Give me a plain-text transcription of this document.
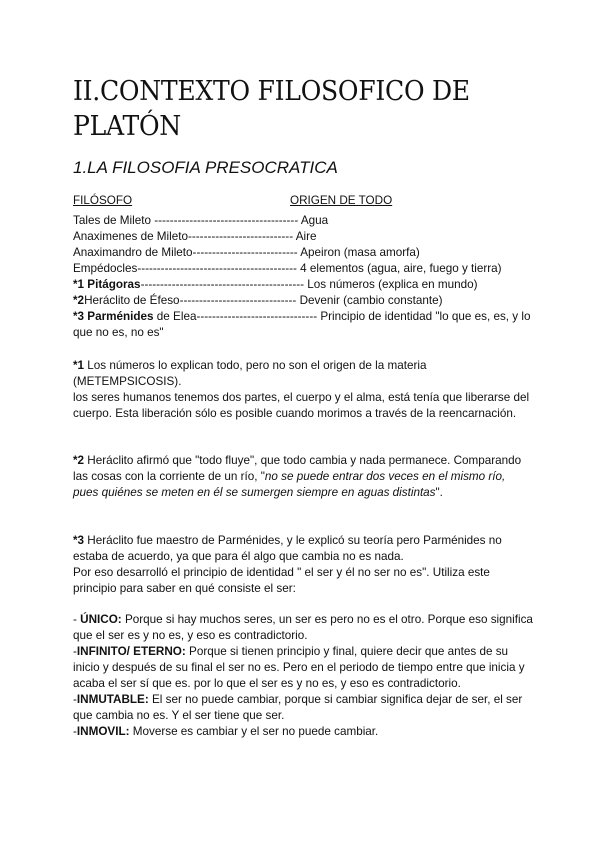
II.CONTEXTO FILOSOFICO DE PLATÓN
1.LA FILOSOFIA PRESOCRATICA
FILÓSOFO	ORIGEN DE TODO
Tales de Mileto ------------------------------------- Agua
Anaximenes de Mileto--------------------------- Aire
Anaximandro de Mileto--------------------------- Apeiron (masa amorfa)
Empédocles----------------------------------------- 4 elementos (agua, aire, fuego y tierra)
*1 Pitágoras------------------------------------------ Los números (explica en mundo)
*2Heráclito de Éfeso------------------------------ Devenir (cambio constante)
*3 Parménides de Elea------------------------------- Principio de identidad "lo que es, es, y lo que no es, no es"
*1 Los números lo explican todo, pero no son el origen de la materia (METEMPSICOSIS).
los seres humanos tenemos dos partes, el cuerpo y el alma, está tenía que liberarse del cuerpo. Esta liberación sólo es posible cuando morimos a través de la reencarnación.
*2 Heráclito afirmó que "todo fluye", que todo cambia y nada permanece. Comparando las cosas con la corriente de un río, "no se puede entrar dos veces en el mismo río, pues quiénes se meten en él se sumergen siempre en aguas distintas".
*3 Heráclito fue maestro de Parménides, y le explicó su teoría pero Parménides no estaba de acuerdo, ya que para él algo que cambia no es nada.
Por eso desarrolló el principio de identidad " el ser y él no ser no es". Utiliza este principio para saber en qué consiste el ser:
- ÚNICO: Porque si hay muchos seres, un ser es pero no es el otro. Porque eso significa que el ser es y no es, y eso es contradictorio.
-INFINITO/ ETERNO: Porque si tienen principio y final, quiere decir que antes de su inicio y después de su final el ser no es. Pero en el periodo de tiempo entre que inicia y acaba el ser sí que es. por lo que el ser es y no es, y eso es contradictorio.
-INMUTABLE: El ser no puede cambiar, porque si cambiar significa dejar de ser, el ser que cambia no es. Y el ser tiene que ser.
-INMOVIL: Moverse es cambiar y el ser no puede cambiar.
